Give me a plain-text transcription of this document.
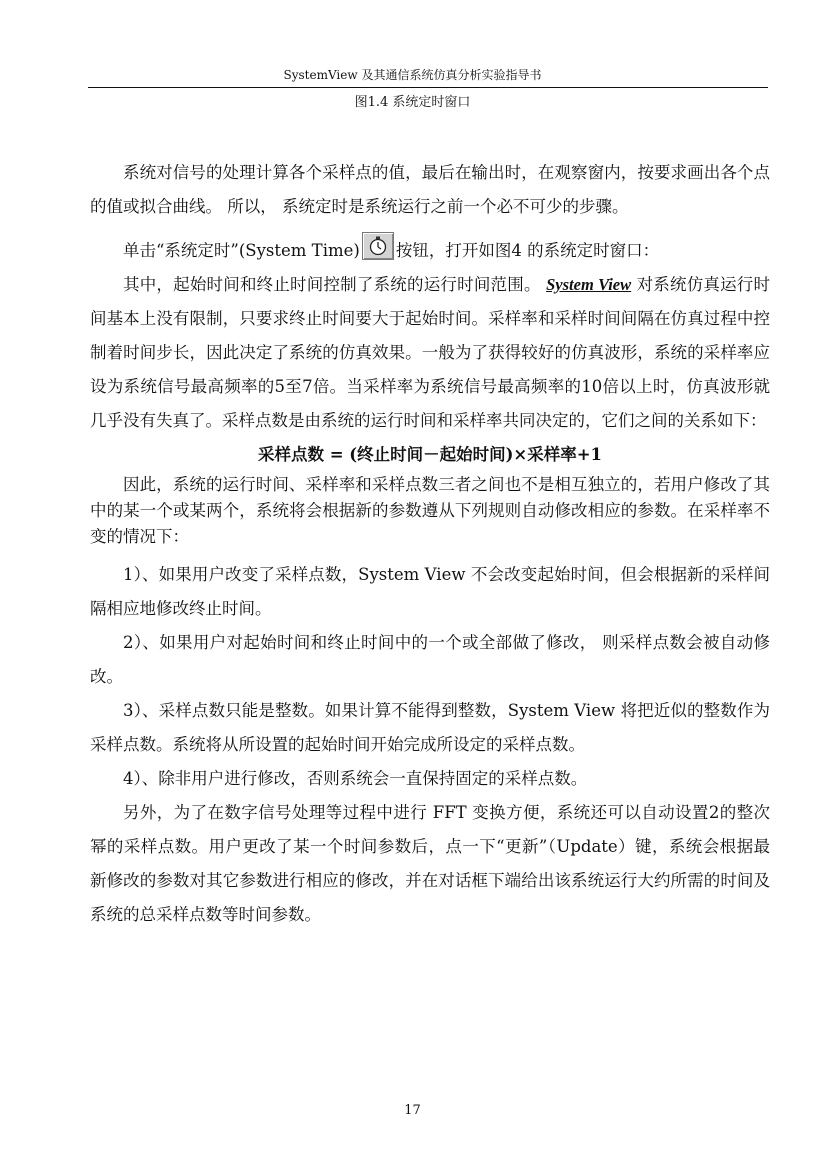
SystemView 及其通信系统仿真分析实验指导书
图1.4 系统定时窗口

系统对信号的处理计算各个采样点的值，最后在输出时，在观察窗内，按要求画出各个点的值或拟合曲线。 所以， 系统定时是系统运行之前一个必不可少的步骤。

单击“系统定时”(System Time) 按钮，打开如图4 的系统定时窗口：

其中，起始时间和终止时间控制了系统的运行时间范围。 System View 对系统仿真运行时间基本上没有限制，只要求终止时间要大于起始时间。采样率和采样时间间隔在仿真过程中控制着时间步长，因此决定了系统的仿真效果。一般为了获得较好的仿真波形，系统的采样率应设为系统信号最高频率的5至7倍。当采样率为系统信号最高频率的10倍以上时，仿真波形就几乎没有失真了。采样点数是由系统的运行时间和采样率共同决定的，它们之间的关系如下：

采样点数 = (终止时间－起始时间)×采样率+1

因此，系统的运行时间、采样率和采样点数三者之间也不是相互独立的，若用户修改了其中的某一个或某两个，系统将会根据新的参数遵从下列规则自动修改相应的参数。在采样率不变的情况下：

1）、如果用户改变了采样点数，System View 不会改变起始时间，但会根据新的采样间隔相应地修改终止时间。

2）、如果用户对起始时间和终止时间中的一个或全部做了修改， 则采样点数会被自动修改。

3）、采样点数只能是整数。如果计算不能得到整数，System View 将把近似的整数作为采样点数。系统将从所设置的起始时间开始完成所设定的采样点数。

4）、除非用户进行修改，否则系统会一直保持固定的采样点数。

另外，为了在数字信号处理等过程中进行 FFT 变换方便，系统还可以自动设置2的整次幂的采样点数。用户更改了某一个时间参数后，点一下“更新”（Update）键，系统会根据最新修改的参数对其它参数进行相应的修改，并在对话框下端给出该系统运行大约所需的时间及系统的总采样点数等时间参数。

17
